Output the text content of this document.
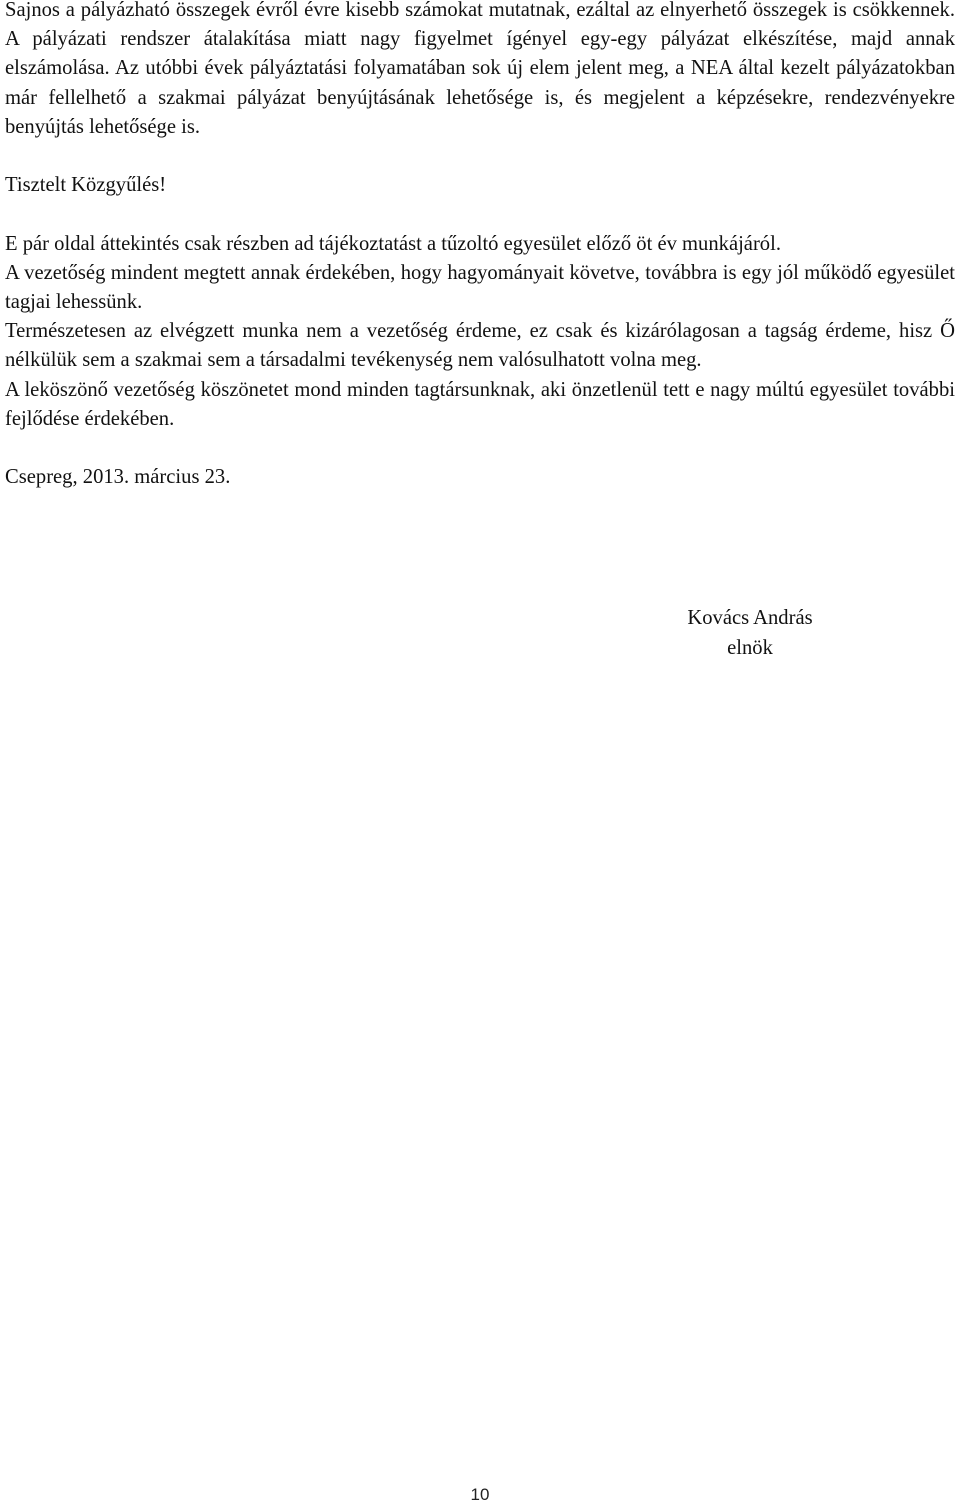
Sajnos a pályázható összegek évről évre kisebb számokat mutatnak, ezáltal az elnyerhető összegek is csökkennek. A pályázati rendszer átalakítása miatt nagy figyelmet ígényel egy-egy pályázat elkészítése, majd annak elszámolása. Az utóbbi évek pályáztatási folyamatában sok új elem jelent meg, a NEA által kezelt pályázatokban már fellelhető a szakmai pályázat benyújtásának lehetősége is, és megjelent a képzésekre, rendezvényekre benyújtás lehetősége is.

Tisztelt Közgyűlés!

E pár oldal áttekintés csak részben ad tájékoztatást a tűzoltó egyesület előző öt év munkájáról.

A vezetőség mindent megtett annak érdekében, hogy hagyományait követve, továbbra is egy jól működő egyesület tagjai lehessünk.

Természetesen az elvégzett munka nem a vezetőség érdeme, ez csak és kizárólagosan a tagság érdeme, hisz Ő nélkülük sem a szakmai sem a társadalmi tevékenység nem valósulhatott volna meg.

A leköszönő vezetőség köszönetet mond minden tagtársunknak, aki önzetlenül tett e nagy múltú egyesület további fejlődése érdekében.

Csepreg, 2013. március 23.

Kovács András
elnök
10
